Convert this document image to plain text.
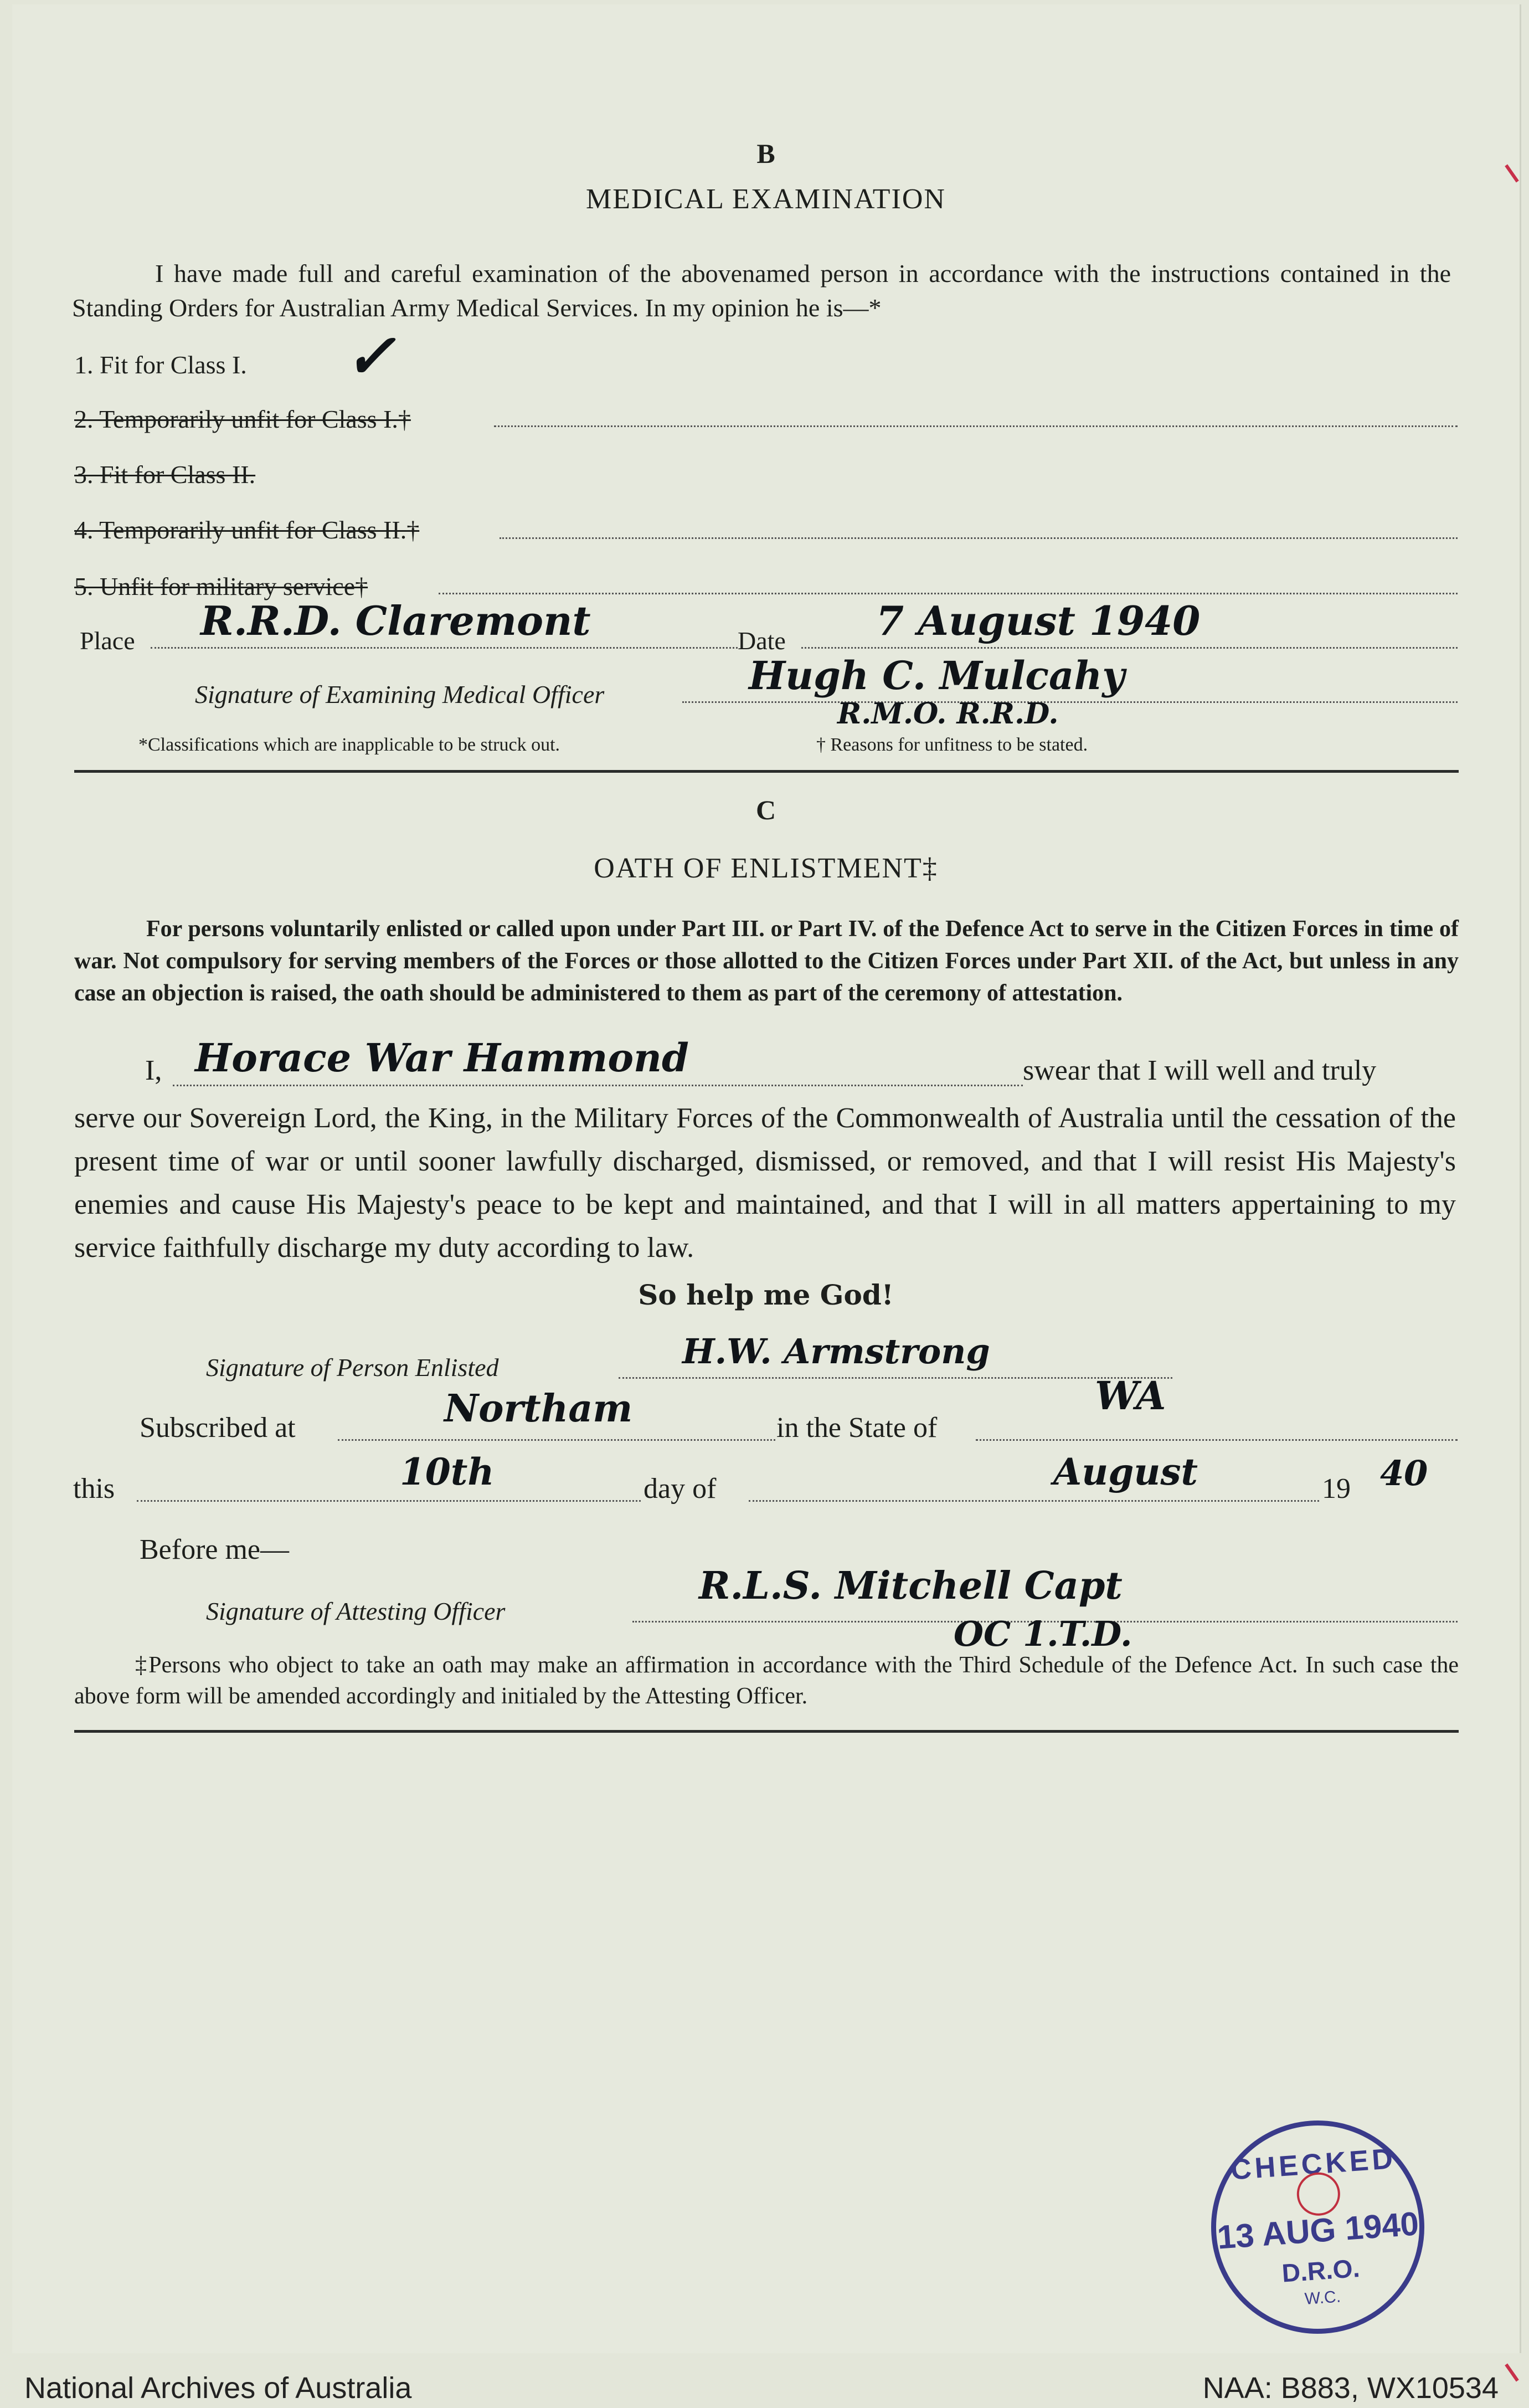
B
MEDICAL EXAMINATION
I have made full and careful examination of the abovenamed person in accordance with the instructions contained in the Standing Orders for Australian Army Medical Services. In my opinion he is—*
1. Fit for Class I. ✓
2. Temporarily unfit for Class I.†
3. Fit for Class II.
4. Temporarily unfit for Class II.†
5. Unfit for military service†
Place R.R.D. Claremont	Date 7 August 1940
Signature of Examining Medical Officer	Hugh C. Mulcahy
R.M.O. R.R.D.
*Classifications which are inapplicable to be struck out.	† Reasons for unfitness to be stated.
C
OATH OF ENLISTMENT‡
For persons voluntarily enlisted or called upon under Part III. or Part IV. of the Defence Act to serve in the Citizen Forces in time of war. Not compulsory for serving members of the Forces or those allotted to the Citizen Forces under Part XII. of the Act, but unless in any case an objection is raised, the oath should be administered to them as part of the ceremony of attestation.
I, Horace War Hammond	swear that I will well and truly
serve our Sovereign Lord, the King, in the Military Forces of the Commonwealth of Australia until the cessation of the present time of war or until sooner lawfully discharged, dismissed, or removed, and that I will resist His Majesty's enemies and cause His Majesty's peace to be kept and maintained, and that I will in all matters appertaining to my service faithfully discharge my duty according to law.
So help me God!
Signature of Person Enlisted	H.W. Armstrong
Subscribed at	Northam	in the State of
WA
this	10th	day of	August	19 40
Before me—
Signature of Attesting Officer
R.L.S. Mitchell Capt
OC 1.T.D.
‡Persons who object to take an oath may make an affirmation in accordance with the Third Schedule of the Defence Act. In such case the above form will be amended accordingly and initialed by the Attesting Officer.
CHECKED
13 AUG 1940
D.R.O.
W.C.
National Archives of Australia	NAA: B883, WX10534
